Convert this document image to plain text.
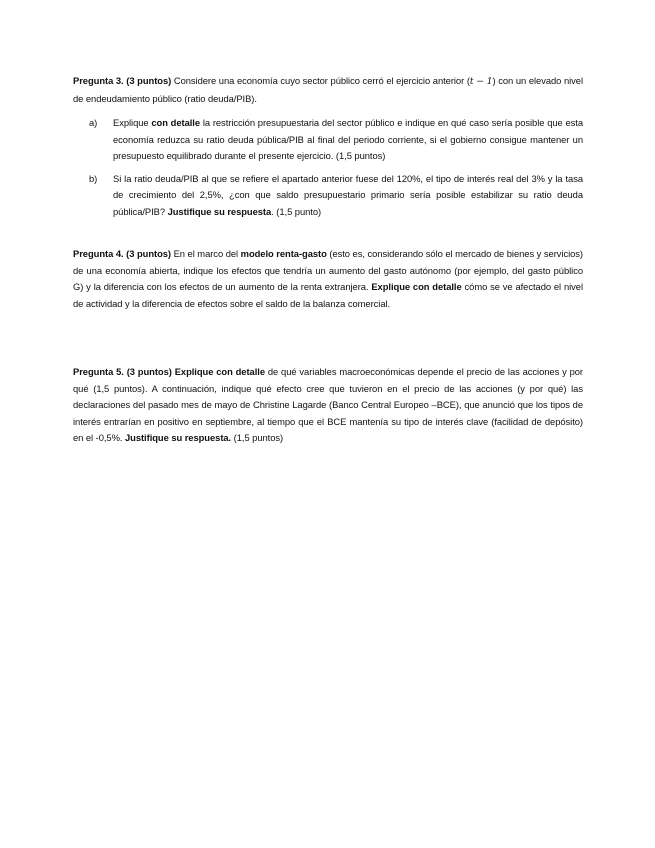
Pregunta 3. (3 puntos) Considere una economía cuyo sector público cerró el ejercicio anterior (t − 1) con un elevado nivel de endeudamiento público (ratio deuda/PIB).
a) Explique con detalle la restricción presupuestaria del sector público e indique en qué caso sería posible que esta economía reduzca su ratio deuda pública/PIB al final del periodo corriente, si el gobierno consigue mantener un presupuesto equilibrado durante el presente ejercicio. (1,5 puntos)
b) Si la ratio deuda/PIB al que se refiere el apartado anterior fuese del 120%, el tipo de interés real del 3% y la tasa de crecimiento del 2,5%, ¿con que saldo presupuestario primario sería posible estabilizar su ratio deuda pública/PIB? Justifique su respuesta. (1,5 punto)
Pregunta 4. (3 puntos) En el marco del modelo renta-gasto (esto es, considerando sólo el mercado de bienes y servicios) de una economía abierta, indique los efectos que tendría un aumento del gasto autónomo (por ejemplo, del gasto público G) y la diferencia con los efectos de un aumento de la renta extranjera. Explique con detalle cómo se ve afectado el nivel de actividad y la diferencia de efectos sobre el saldo de la balanza comercial.
Pregunta 5. (3 puntos) Explique con detalle de qué variables macroeconómicas depende el precio de las acciones y por qué (1,5 puntos). A continuación, indique qué efecto cree que tuvieron en el precio de las acciones (y por qué) las declaraciones del pasado mes de mayo de Christine Lagarde (Banco Central Europeo –BCE), que anunció que los tipos de interés entrarían en positivo en septiembre, al tiempo que el BCE mantenía su tipo de interés clave (facilidad de depósito) en el -0,5%. Justifique su respuesta. (1,5 puntos)
